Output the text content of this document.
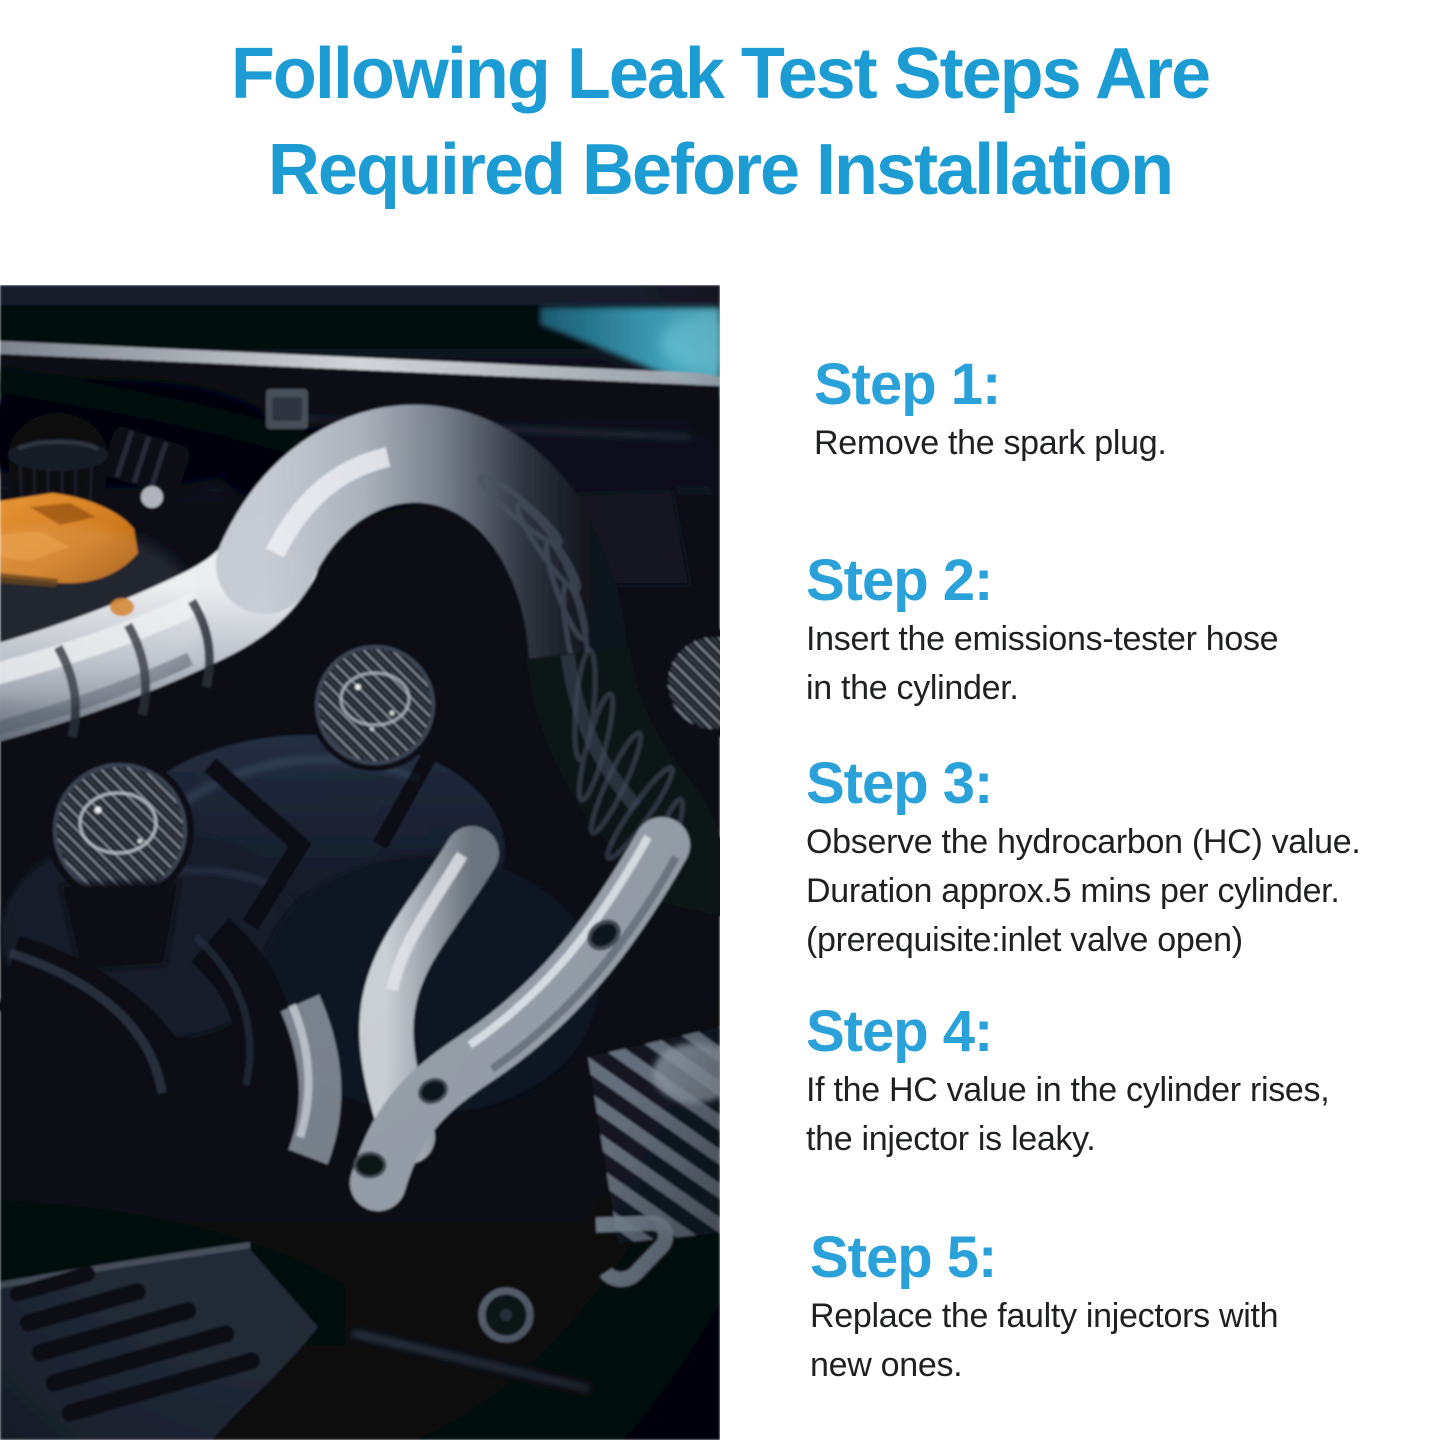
Following Leak Test Steps Are
Required Before Installation
Step 1:

Remove the spark plug.

Step 2:

Insert the emissions-tester hose

in the cylinder.

Step 3:

Observe the hydrocarbon (HC) value.

Duration approx.5 mins per cylinder.

(prerequisite:inlet valve open)

Step 4:

If the HC value in the cylinder rises,

the injector is leaky.

Step 5:

Replace the faulty injectors with

new ones.
